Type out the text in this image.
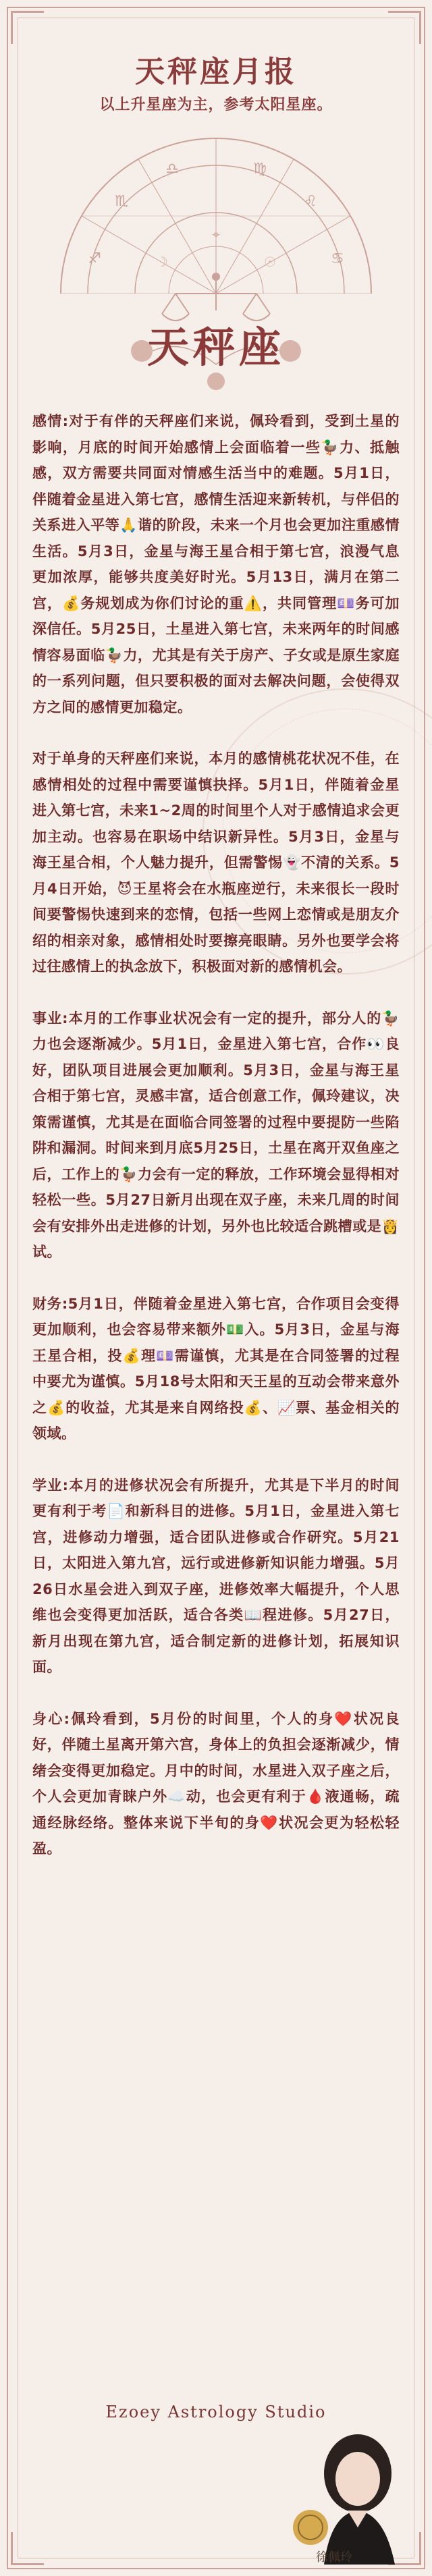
天秤座月报
以上升星座为主，参考太阳星座。
♐
♏
♎	♍
♌
♋
☽	☉
✦
天秤座

感情:对于有伴的天秤座们来说，佩玲看到，受到土星的影响，月底的时间开始感情上会面临着一些🦆力、抵触感，双方需要共同面对情感生活当中的难题。5月1日，伴随着金星进入第七宫，感情生活迎来新转机，与伴侣的关系进入平等🙏谐的阶段，未来一个月也会更加注重感情生活。5月3日，金星与海王星合相于第七宫，浪漫气息更加浓厚，能够共度美好时光。5月13日，满月在第二宫，💰务规划成为你们讨论的重⚠️，共同管理💷务可加深信任。5月25日，土星进入第七宫，未来两年的时间感情容易面临🦆力，尤其是有关于房产、子女或是原生家庭的一系列问题，但只要积极的面对去解决问题，会使得双方之间的感情更加稳定。

对于单身的天秤座们来说，本月的感情桃花状况不佳，在感情相处的过程中需要谨慎抉择。5月1日，伴随着金星进入第七宫，未来1~2周的时间里个人对于感情追求会更加主动。也容易在职场中结识新异性。5月3日，金星与海王星合相，个人魅力提升，但需警惕👻不清的关系。5月4日开始，😈王星将会在水瓶座逆行，未来很长一段时间要警惕快速到来的恋情，包括一些网上恋情或是朋友介绍的相亲对象，感情相处时要擦亮眼睛。另外也要学会将过往感情上的执念放下，积极面对新的感情机会。

事业:本月的工作事业状况会有一定的提升，部分人的🦆力也会逐渐减少。5月1日，金星进入第七宫，合作👀良好，团队项目进展会更加顺利。5月3日，金星与海王星合相于第七宫，灵感丰富，适合创意工作，佩玲建议，决策需谨慎，尤其是在面临合同签署的过程中要提防一些陷阱和漏洞。时间来到月底5月25日，土星在离开双鱼座之后，工作上的🦆力会有一定的释放，工作环境会显得相对轻松一些。5月27日新月出现在双子座，未来几周的时间会有安排外出走进修的计划，另外也比较适合跳槽或是👸试。

财务:5月1日，伴随着金星进入第七宫，合作项目会变得更加顺利，也会容易带来额外💵入。5月3日，金星与海王星合相，投💰理💷需谨慎，尤其是在合同签署的过程中要尤为谨慎。5月18号太阳和天王星的互动会带来意外之💰的收益，尤其是来自网络投💰、📈票、基金相关的领域。

学业:本月的进修状况会有所提升，尤其是下半月的时间更有利于考📄和新科目的进修。5月1日，金星进入第七宫，进修动力增强，适合团队进修或合作研究。5月21日，太阳进入第九宫，远行或进修新知识能力增强。5月26日水星会进入到双子座，进修效率大幅提升，个人思维也会变得更加活跃，适合各类📖程进修。5月27日，新月出现在第九宫，适合制定新的进修计划，拓展知识面。

身心:佩玲看到，5月份的时间里，个人的身❤️状况良好，伴随土星离开第六宫，身体上的负担会逐渐减少，情绪会变得更加稳定。月中的时间，水星进入双子座之后，个人会更加青睐户外☁️动，也会更有利于🩸液通畅，疏通经脉经络。整体来说下半旬的身❤️状况会更为轻松轻盈。

Ezoey Astrology Studio
徐佩玲
